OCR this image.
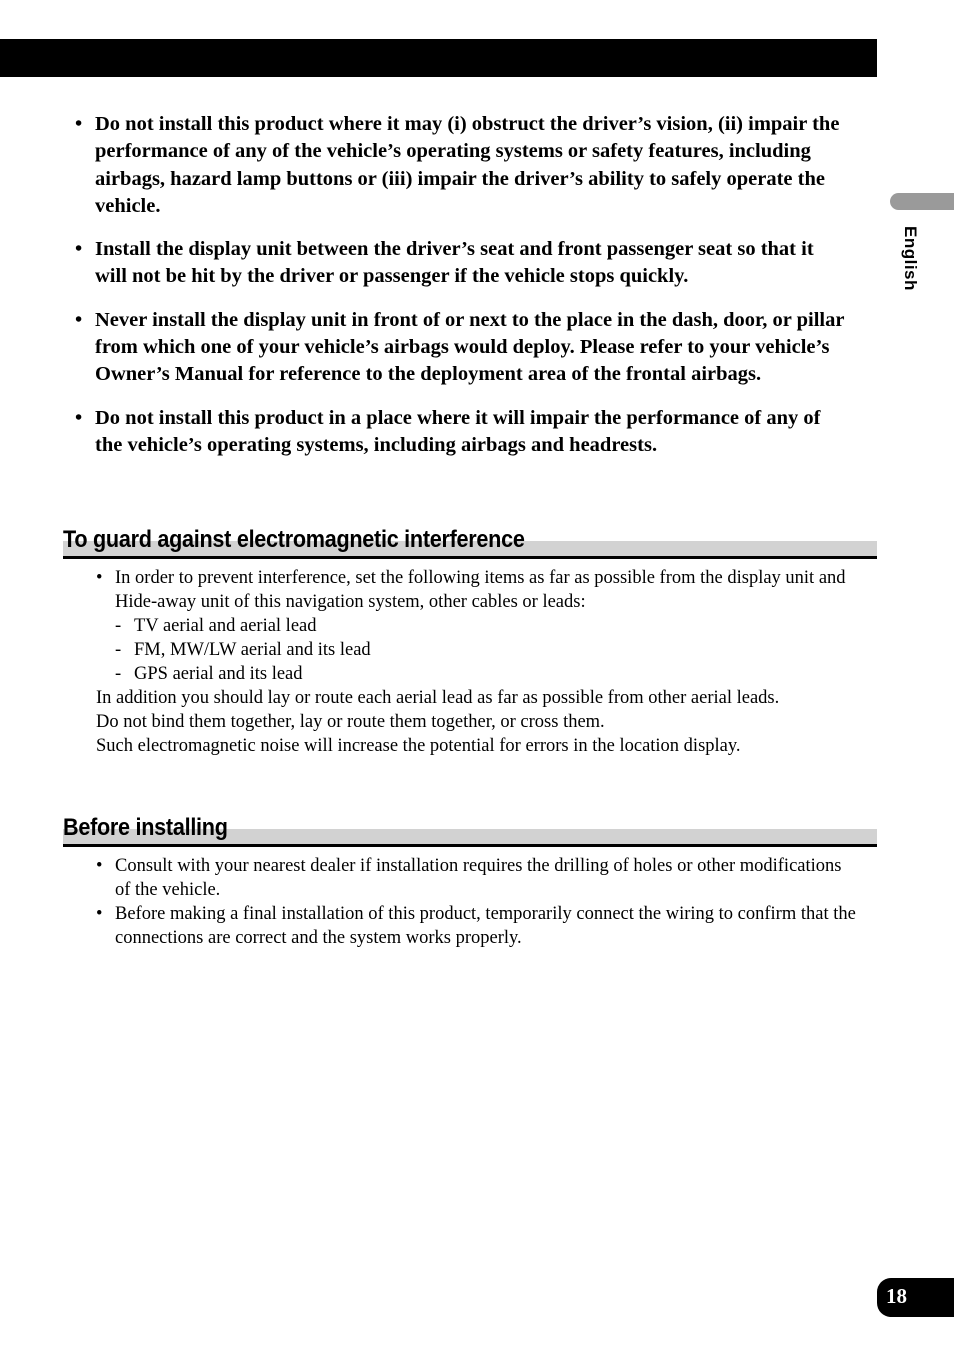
English
• Do not install this product where it may (i) obstruct the driver’s vision, (ii) impair the performance of any of the vehicle’s operating systems or safety features, including airbags, hazard lamp buttons or (iii) impair the driver’s ability to safely operate the vehicle.
• Install the display unit between the driver’s seat and front passenger seat so that it will not be hit by the driver or passenger if the vehicle stops quickly.
• Never install the display unit in front of or next to the place in the dash, door, or pillar from which one of your vehicle’s airbags would deploy. Please refer to your vehicle’s Owner’s Manual for reference to the deployment area of the frontal airbags.
• Do not install this product in a place where it will impair the performance of any of the vehicle’s operating systems, including airbags and headrests.
To guard against electromagnetic interference
• In order to prevent interference, set the following items as far as possible from the display unit and Hide-away unit of this navigation system, other cables or leads:
- TV aerial and aerial lead
- FM, MW/LW aerial and its lead
- GPS aerial and its lead

In addition you should lay or route each aerial lead as far as possible from other aerial leads.

Do not bind them together, lay or route them together, or cross them.

Such electromagnetic noise will increase the potential for errors in the location display.

Before installing
• Consult with your nearest dealer if installation requires the drilling of holes or other modifications of the vehicle.
• Before making a final installation of this product, temporarily connect the wiring to confirm that the connections are correct and the system works properly.
18
